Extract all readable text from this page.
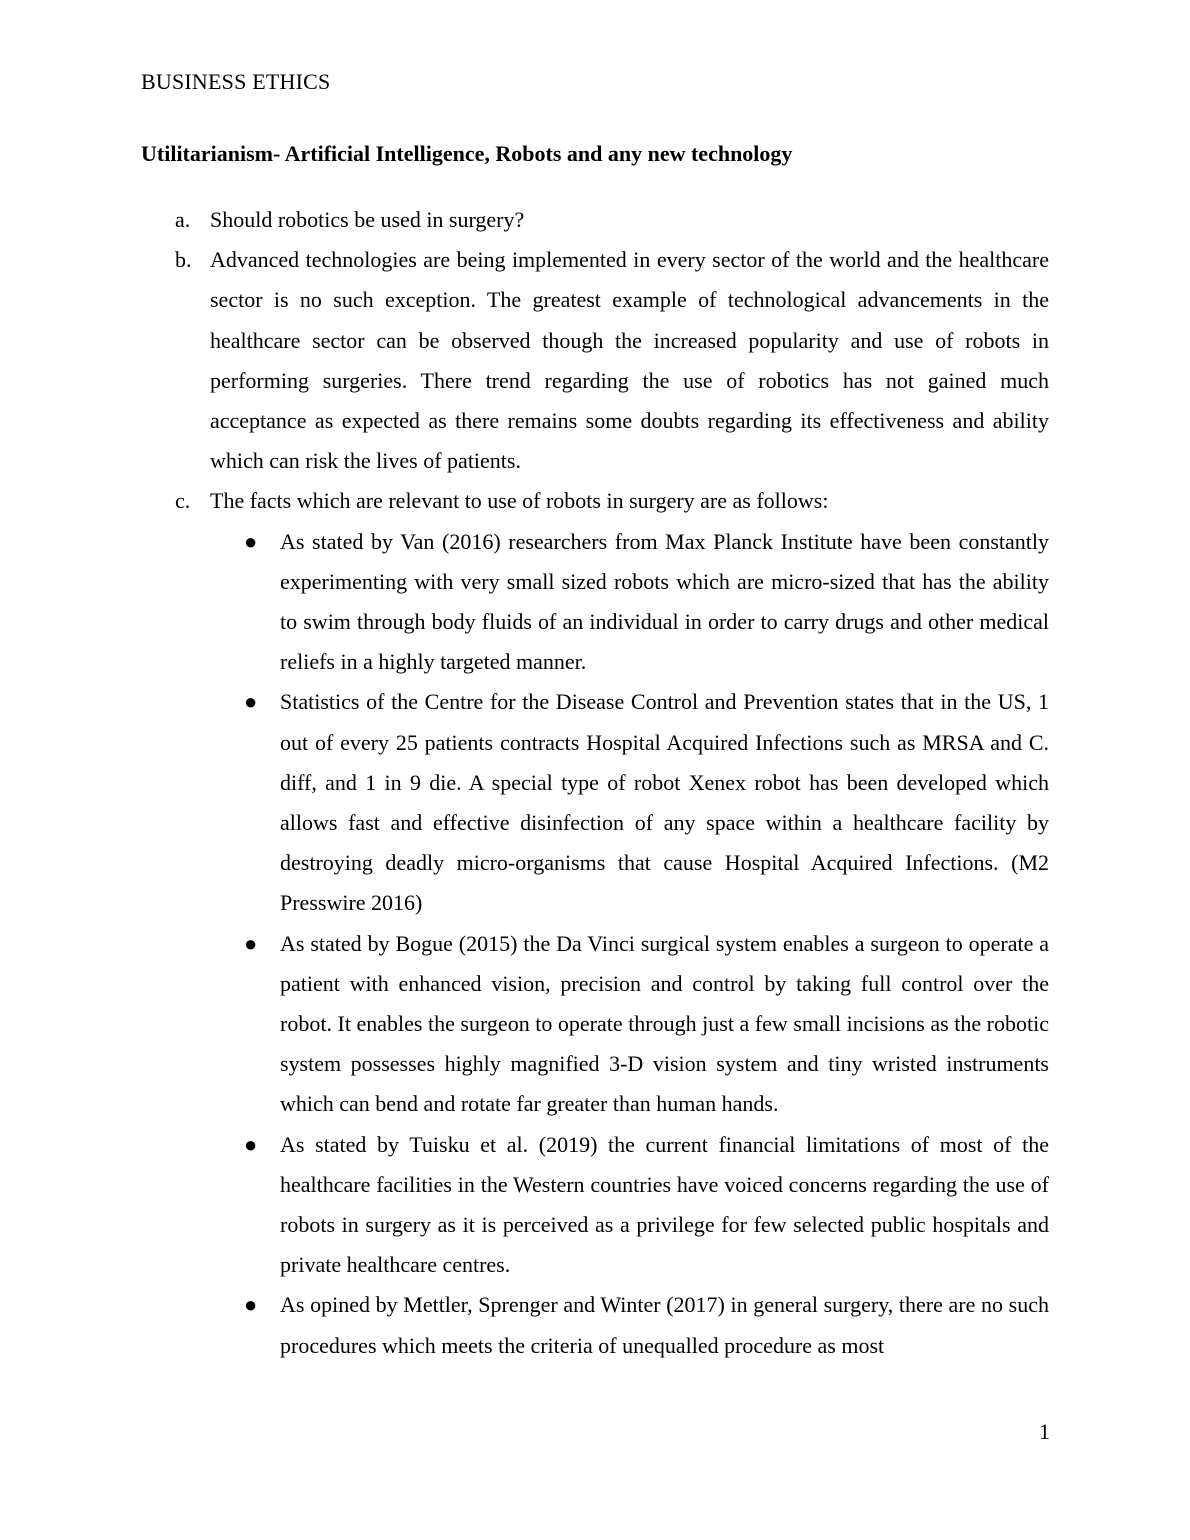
BUSINESS ETHICS
Utilitarianism- Artificial Intelligence, Robots and any new technology
a. Should robotics be used in surgery?
b. Advanced technologies are being implemented in every sector of the world and the healthcare sector is no such exception. The greatest example of technological advancements in the healthcare sector can be observed though the increased popularity and use of robots in performing surgeries. There trend regarding the use of robotics has not gained much acceptance as expected as there remains some doubts regarding its effectiveness and ability which can risk the lives of patients.
c. The facts which are relevant to use of robots in surgery are as follows:
● As stated by Van (2016) researchers from Max Planck Institute have been constantly experimenting with very small sized robots which are micro-sized that has the ability to swim through body fluids of an individual in order to carry drugs and other medical reliefs in a highly targeted manner.
● Statistics of the Centre for the Disease Control and Prevention states that in the US, 1 out of every 25 patients contracts Hospital Acquired Infections such as MRSA and C. diff, and 1 in 9 die. A special type of robot Xenex robot has been developed which allows fast and effective disinfection of any space within a healthcare facility by destroying deadly micro-organisms that cause Hospital Acquired Infections. (M2 Presswire 2016)
● As stated by Bogue (2015) the Da Vinci surgical system enables a surgeon to operate a patient with enhanced vision, precision and control by taking full control over the robot. It enables the surgeon to operate through just a few small incisions as the robotic system possesses highly magnified 3-D vision system and tiny wristed instruments which can bend and rotate far greater than human hands.
● As stated by Tuisku et al. (2019) the current financial limitations of most of the healthcare facilities in the Western countries have voiced concerns regarding the use of robots in surgery as it is perceived as a privilege for few selected public hospitals and private healthcare centres.
● As opined by Mettler, Sprenger and Winter (2017) in general surgery, there are no such procedures which meets the criteria of unequalled procedure as most
1
